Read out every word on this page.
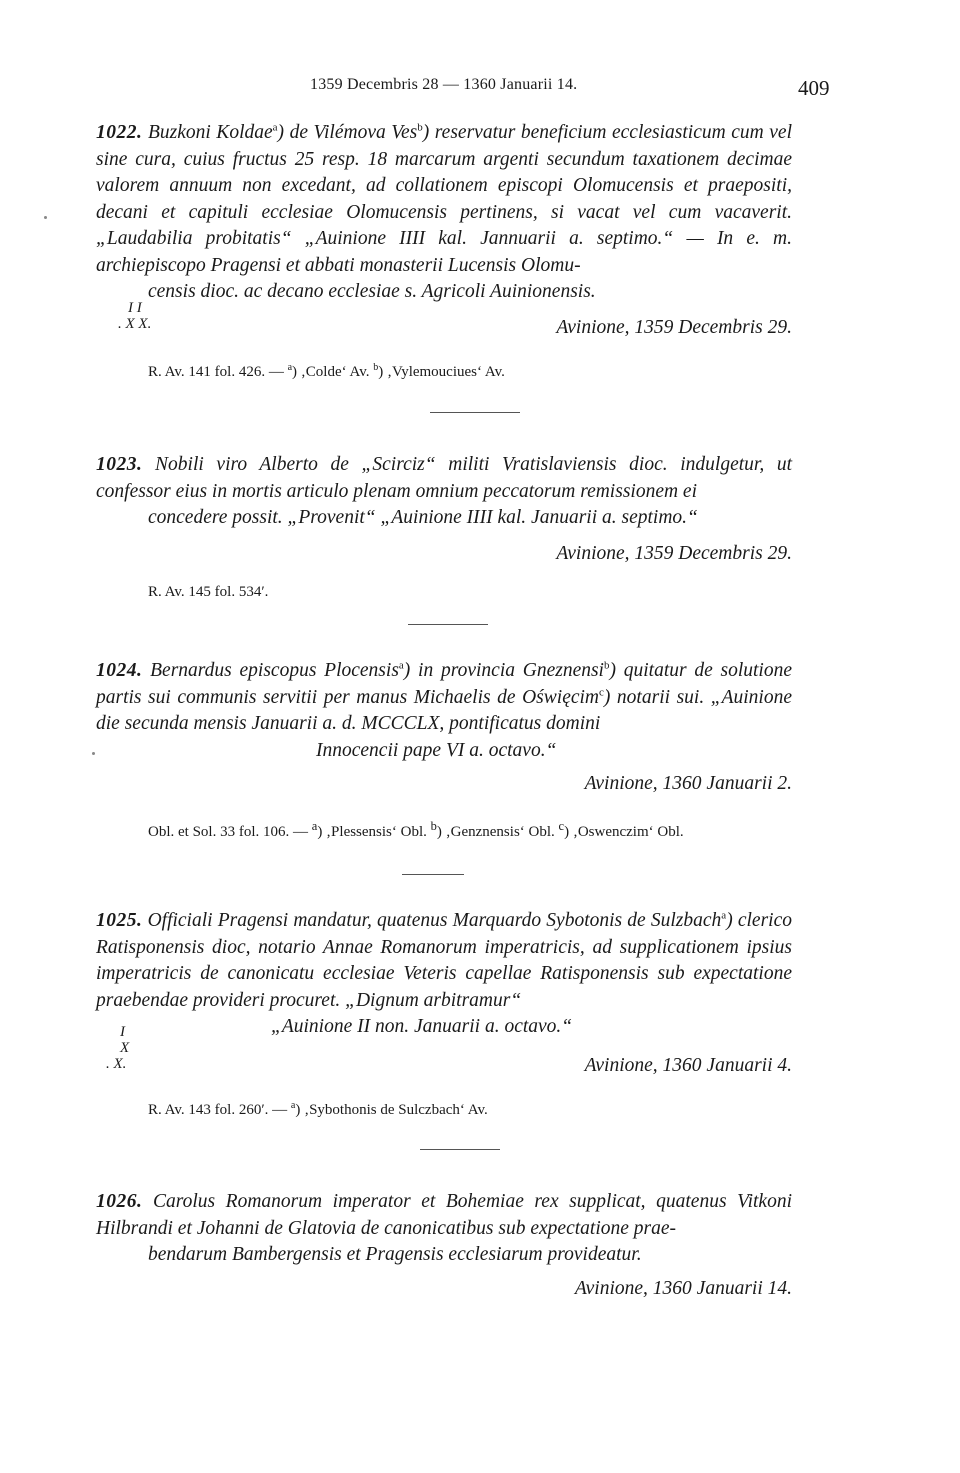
1359 Decembris 28 — 1360 Januarii 14.	409
1022. Buzkoni Koldae$^a$) de Vilémova Ves$^b$) reservatur beneficium ecclesiasticum cum vel sine cura, cuius fructus 25 resp. 18 marcarum argenti secundum taxationem decimae valorem annuum non excedant, ad collationem episcopi Olomucensis et praepositi, decani et capituli ecclesiae Olomucensis pertinens, si vacat vel cum vacaverit. „Laudabilia probitatis“ „Auinione IIII kal. Jannuarii a. septimo.“ — In e. m. archiepiscopo Pragensi et abbati monasterii Lucensis Olomu-
censis dioc. ac decano ecclesiae s. Agricoli Auinionensis.
I I
. X X.	Avinione, 1359 Decembris 29.
R. Av. 141 fol. 426. — $^a$) ‚Colde‘ Av. $^b$) ‚Vylemouciues‘ Av.
1023. Nobili viro Alberto de „Scirciz“ militi Vratislaviensis dioc. indulgetur, ut confessor eius in mortis articulo plenam omnium peccatorum remissionem ei
concedere possit. „Provenit“ „Auinione IIII kal. Januarii a. septimo.“
Avinione, 1359 Decembris 29.
R. Av. 145 fol. 534′.
1024. Bernardus episcopus Plocensis$^a$) in provincia Gneznensi$^b$) quitatur de solutione partis sui communis servitii per manus Michaelis de Oświęcim$^c$) notarii sui. „Auinione die secunda mensis Januarii a. d. MCCCLX, pontificatus domini
Innocencii pape VI a. octavo.“
Avinione, 1360 Januarii 2.
Obl. et Sol. 33 fol. 106. — $^a$) ‚Plessensis‘ Obl. $^b$) ‚Genznensis‘ Obl. $^c$) ‚Oswenczim‘ Obl.
1025. Officiali Pragensi mandatur, quatenus Marquardo Sybotonis de Sulzbach$^a$) clerico Ratisponensis dioc, notario Annae Romanorum imperatricis, ad supplicationem ipsius imperatricis de canonicatu ecclesiae Veteris capellae Ratisponensis sub expectatione praebendae provideri procuret. „Dignum arbitramur“
„Auinione II non. Januarii a. octavo.“
I
X
. X.	Avinione, 1360 Januarii 4.
R. Av. 143 fol. 260′. — $^a$) ‚Sybothonis de Sulczbach‘ Av.
1026. Carolus Romanorum imperator et Bohemiae rex supplicat, quatenus Vitkoni Hilbrandi et Johanni de Glatovia de canonicatibus sub expectatione prae-
bendarum Bambergensis et Pragensis ecclesiarum provideatur.
Avinione, 1360 Januarii 14.
